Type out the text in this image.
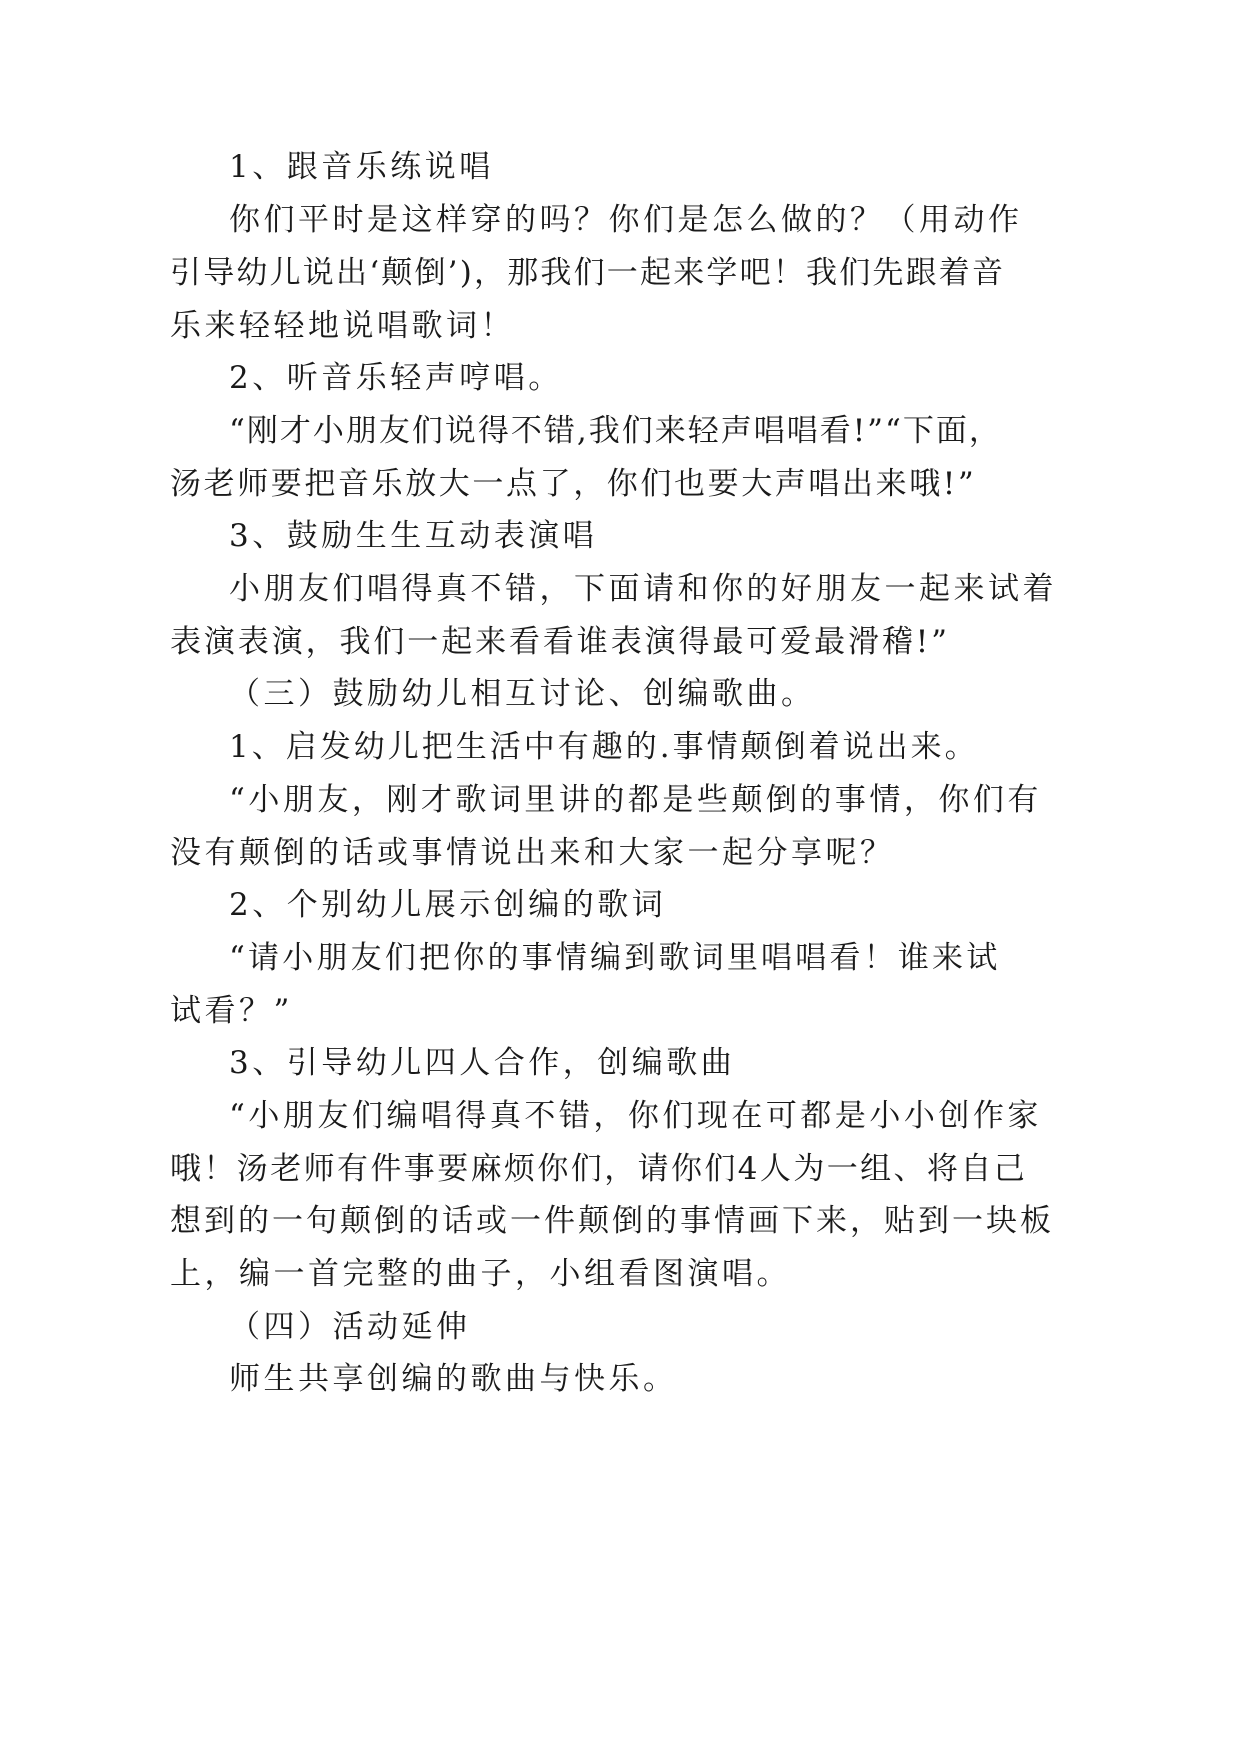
1、跟音乐练说唱
你们平时是这样穿的吗？你们是怎么做的？（用动作
引导幼儿说出‘颠倒’)，那我们一起来学吧！我们先跟着音
乐来轻轻地说唱歌词！
2、听音乐轻声哼唱。
“刚才小朋友们说得不错,我们来轻声唱唱看!”“下面，
汤老师要把音乐放大一点了，你们也要大声唱出来哦!”
3、鼓励生生互动表演唱
小朋友们唱得真不错，下面请和你的好朋友一起来试着
表演表演，我们一起来看看谁表演得最可爱最滑稽!”
（三）鼓励幼儿相互讨论、创编歌曲。
1、启发幼儿把生活中有趣的.事情颠倒着说出来。
“小朋友，刚才歌词里讲的都是些颠倒的事情，你们有
没有颠倒的话或事情说出来和大家一起分享呢？
2、个别幼儿展示创编的歌词
“请小朋友们把你的事情编到歌词里唱唱看！谁来试
试看？”
3、引导幼儿四人合作，创编歌曲
“小朋友们编唱得真不错，你们现在可都是小小创作家
哦！汤老师有件事要麻烦你们，请你们4人为一组、将自己
想到的一句颠倒的话或一件颠倒的事情画下来，贴到一块板
上，编一首完整的曲子，小组看图演唱。
（四）活动延伸
师生共享创编的歌曲与快乐。
